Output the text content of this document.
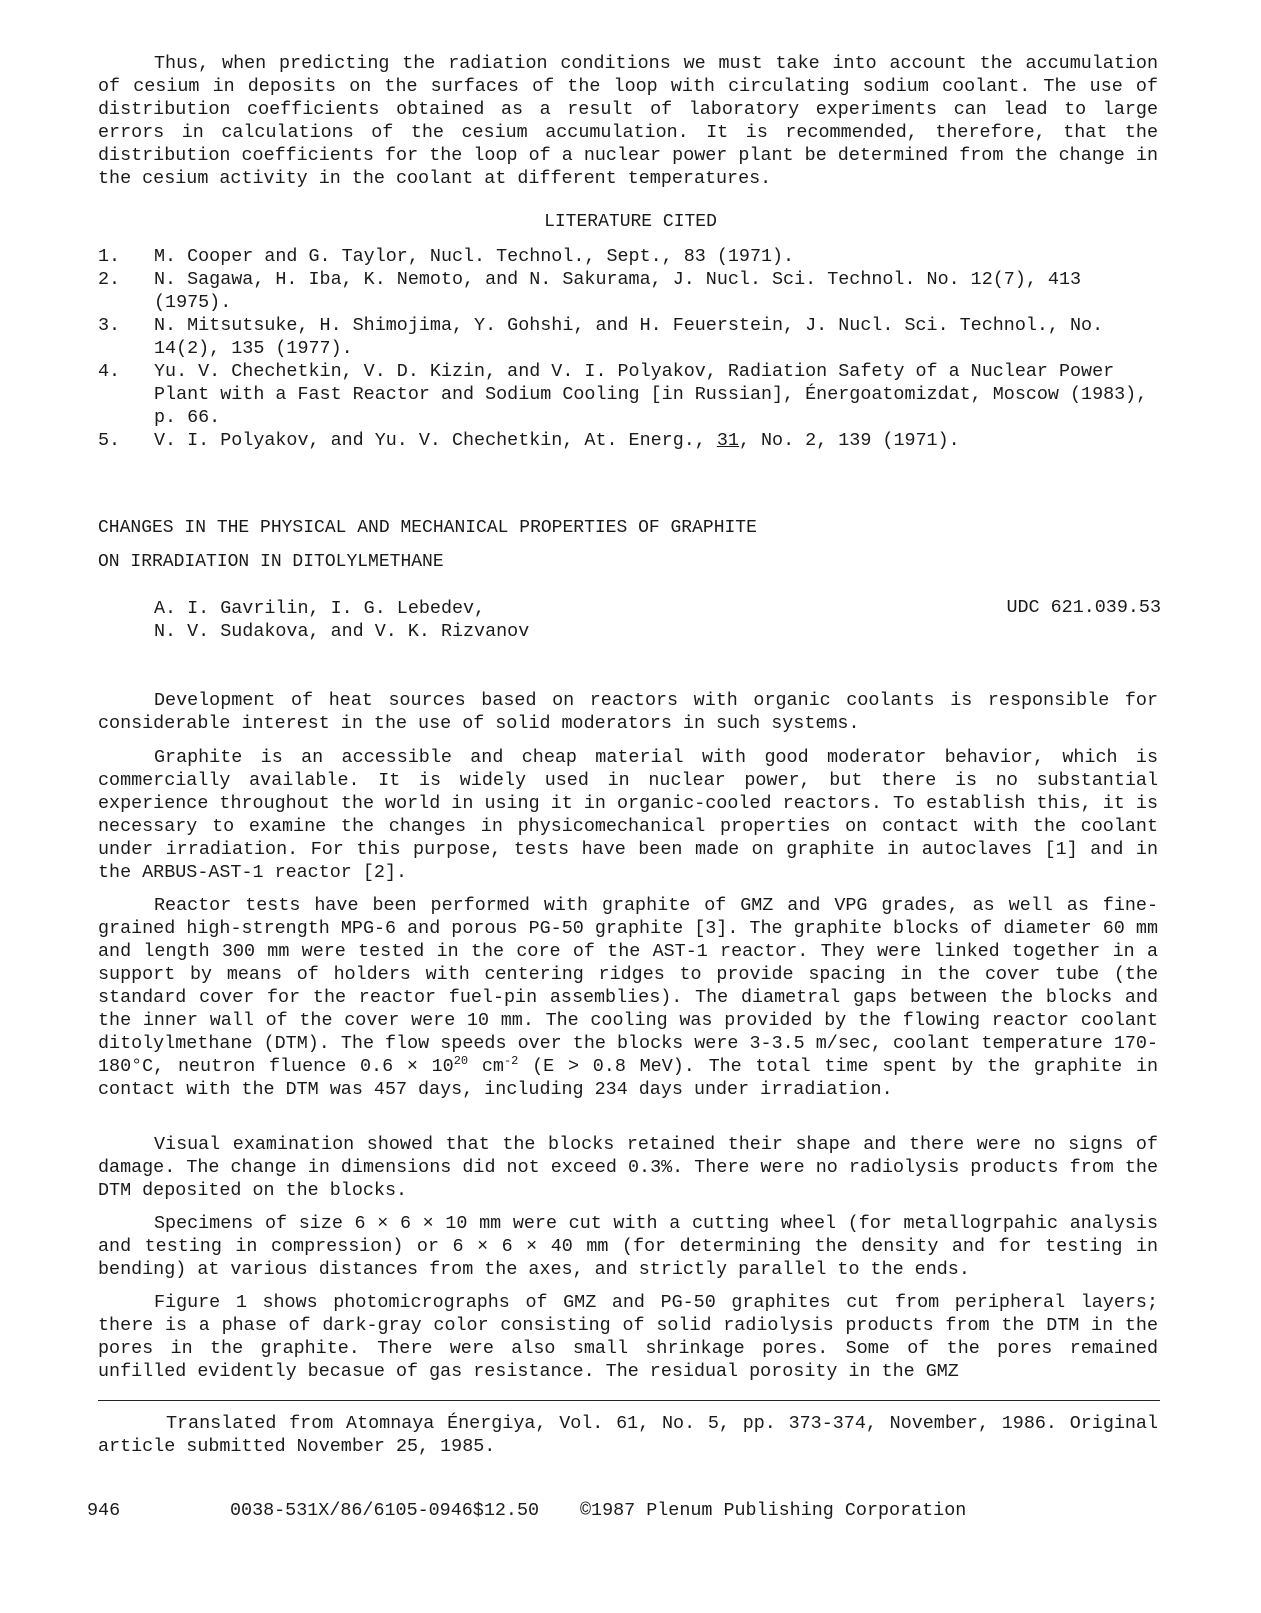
Thus, when predicting the radiation conditions we must take into account the accumulation of cesium in deposits on the surfaces of the loop with circulating sodium coolant. The use of distribution coefficients obtained as a result of laboratory experiments can lead to large errors in calculations of the cesium accumulation. It is recommended, therefore, that the distribution coefficients for the loop of a nuclear power plant be determined from the change in the cesium activity in the coolant at different temperatures.

LITERATURE CITED

1.	M. Cooper and G. Taylor, Nucl. Technol., Sept., 83 (1971).
2.	N. Sagawa, H. Iba, K. Nemoto, and N. Sakurama, J. Nucl. Sci. Technol. No. 12(7), 413 (1975).
3.	N. Mitsutsuke, H. Shimojima, Y. Gohshi, and H. Feuerstein, J. Nucl. Sci. Technol., No. 14(2), 135 (1977).
4.	Yu. V. Chechetkin, V. D. Kizin, and V. I. Polyakov, Radiation Safety of a Nuclear Power Plant with a Fast Reactor and Sodium Cooling [in Russian], Énergoatomizdat, Moscow (1983), p. 66.
5.	V. I. Polyakov, and Yu. V. Chechetkin, At. Energ., 31, No. 2, 139 (1971).

CHANGES IN THE PHYSICAL AND MECHANICAL PROPERTIES OF GRAPHITE

ON IRRADIATION IN DITOLYLMETHANE

A. I. Gavrilin, I. G. Lebedev,
N. V. Sudakova, and V. K. Rizvanov

UDC 621.039.53

Development of heat sources based on reactors with organic coolants is responsible for considerable interest in the use of solid moderators in such systems.

Graphite is an accessible and cheap material with good moderator behavior, which is commercially available. It is widely used in nuclear power, but there is no substantial experience throughout the world in using it in organic-cooled reactors. To establish this, it is necessary to examine the changes in physicomechanical properties on contact with the coolant under irradiation. For this purpose, tests have been made on graphite in autoclaves [1] and in the ARBUS-AST-1 reactor [2].

Reactor tests have been performed with graphite of GMZ and VPG grades, as well as fine-grained high-strength MPG-6 and porous PG-50 graphite [3]. The graphite blocks of diameter 60 mm and length 300 mm were tested in the core of the AST-1 reactor. They were linked together in a support by means of holders with centering ridges to provide spacing in the cover tube (the standard cover for the reactor fuel-pin assemblies). The diametral gaps between the blocks and the inner wall of the cover were 10 mm. The cooling was provided by the flowing reactor coolant ditolylmethane (DTM). The flow speeds over the blocks were 3-3.5 m/sec, coolant temperature 170-180°C, neutron fluence $0.6 \times 10^{20}$ $cm^{-2}$ (E > 0.8 MeV). The total time spent by the graphite in contact with the DTM was 457 days, including 234 days under irradiation.

Visual examination showed that the blocks retained their shape and there were no signs of damage. The change in dimensions did not exceed 0.3%. There were no radiolysis products from the DTM deposited on the blocks.

Specimens of size 6 × 6 × 10 mm were cut with a cutting wheel (for metallogrpahic analysis and testing in compression) or 6 × 6 × 40 mm (for determining the density and for testing in bending) at various distances from the axes, and strictly parallel to the ends.

Figure 1 shows photomicrographs of GMZ and PG-50 graphites cut from peripheral layers; there is a phase of dark-gray color consisting of solid radiolysis products from the DTM in the pores in the graphite. There were also small shrinkage pores. Some of the pores remained unfilled evidently becasue of gas resistance. The residual porosity in the GMZ

Translated from Atomnaya Énergiya, Vol. 61, No. 5, pp. 373-374, November, 1986. Original article submitted November 25, 1985.

946	0038-531X/86/6105-0946$12.50 ©1987 Plenum Publishing Corporation
